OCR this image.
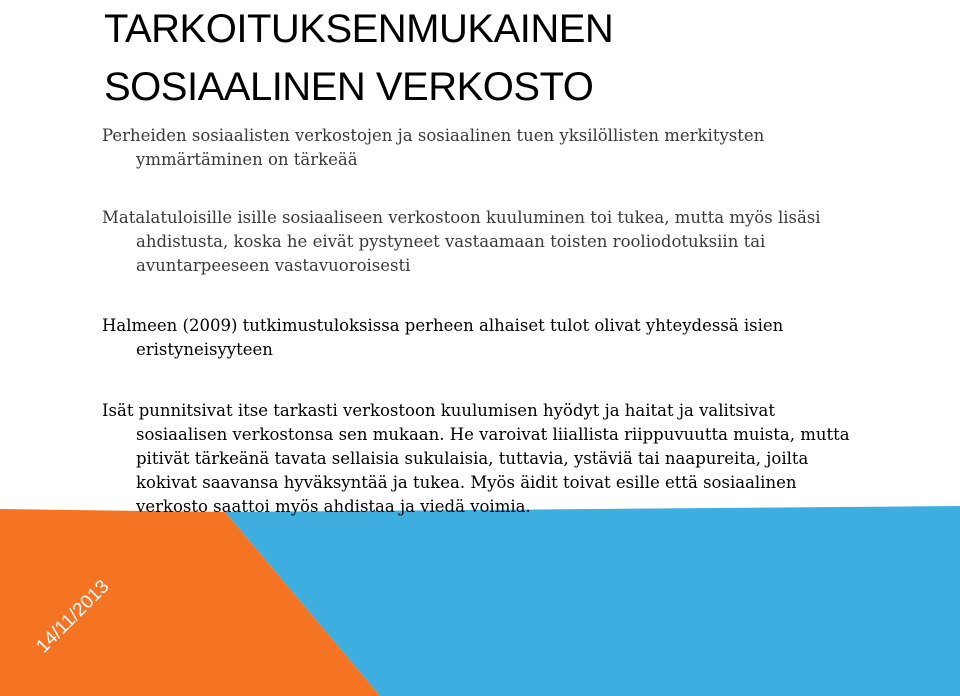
TARKOITUKSENMUKAINEN
SOSIAALINEN VERKOSTO

Perheiden sosiaalisten verkostojen ja sosiaalinen tuen yksilöllisten merkitysten ymmärtäminen on tärkeää

Matalatuloisille isille sosiaaliseen verkostoon kuuluminen toi tukea, mutta myös lisäsi ahdistusta, koska he eivät pystyneet vastaamaan toisten rooliodotuksiin tai avuntarpeeseen vastavuoroisesti

Halmeen (2009) tutkimustuloksissa perheen alhaiset tulot olivat yhteydessä isien eristyneisyyteen

Isät punnitsivat itse tarkasti verkostoon kuulumisen hyödyt ja haitat ja valitsivat sosiaalisen verkostonsa sen mukaan. He varoivat liiallista riippuvuutta muista, mutta pitivät tärkeänä tavata sellaisia sukulaisia, tuttavia, ystäviä tai naapureita, joilta kokivat saavansa hyväksyntää ja tukea. Myös äidit toivat esille että sosiaalinen verkosto saattoi myös ahdistaa ja viedä voimia.

14/11/2013
